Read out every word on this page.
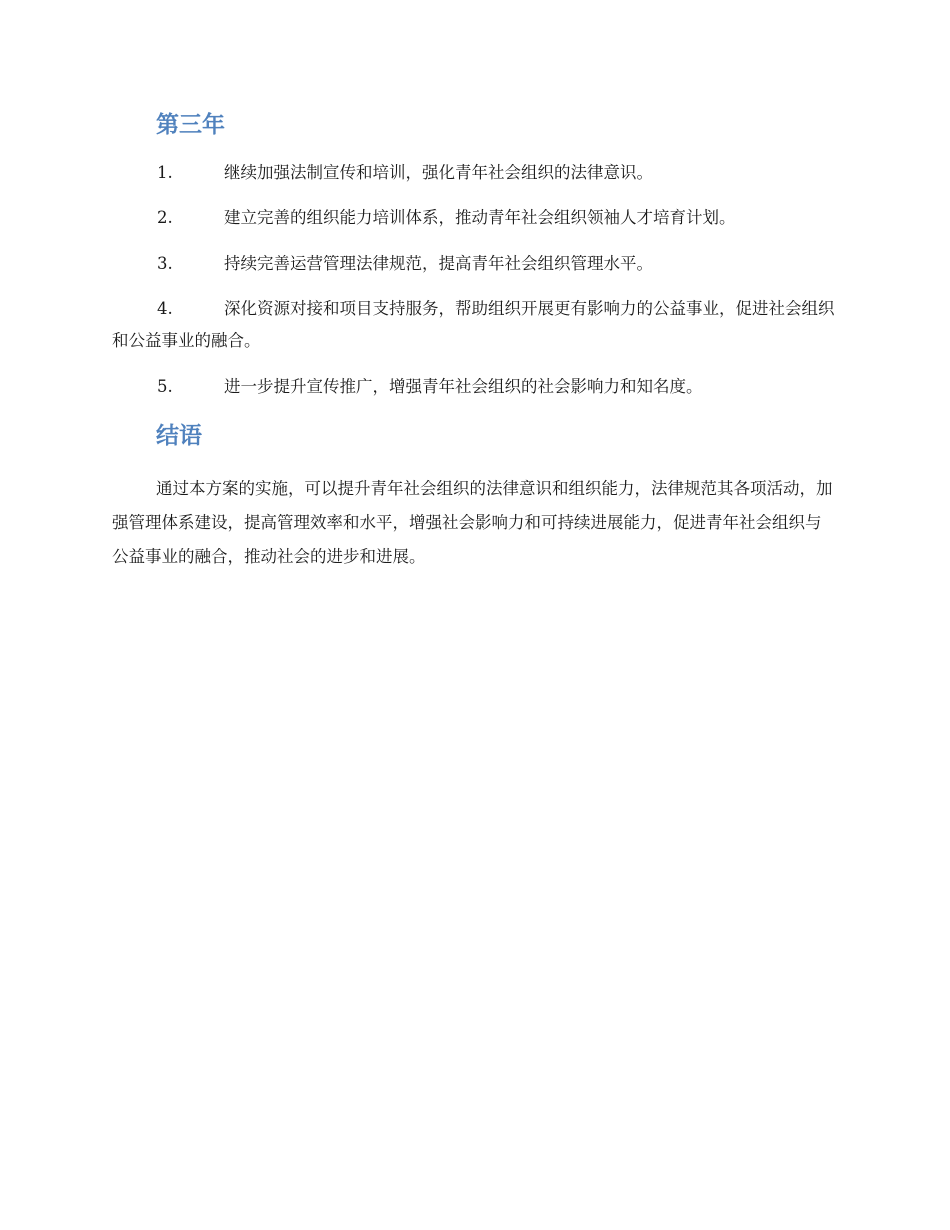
第三年
1.	继续加强法制宣传和培训，强化青年社会组织的法律意识。
2.	建立完善的组织能力培训体系，推动青年社会组织领袖人才培育计划。
3.	持续完善运营管理法律规范，提高青年社会组织管理水平。
4.	深化资源对接和项目支持服务，帮助组织开展更有影响力的公益事业，促进社会组织和公益事业的融合。
5.	进一步提升宣传推广，增强青年社会组织的社会影响力和知名度。
结语

通过本方案的实施，可以提升青年社会组织的法律意识和组织能力，法律规范其各项活动，加强管理体系建设，提高管理效率和水平，增强社会影响力和可持续进展能力，促进青年社会组织与公益事业的融合，推动社会的进步和进展。
